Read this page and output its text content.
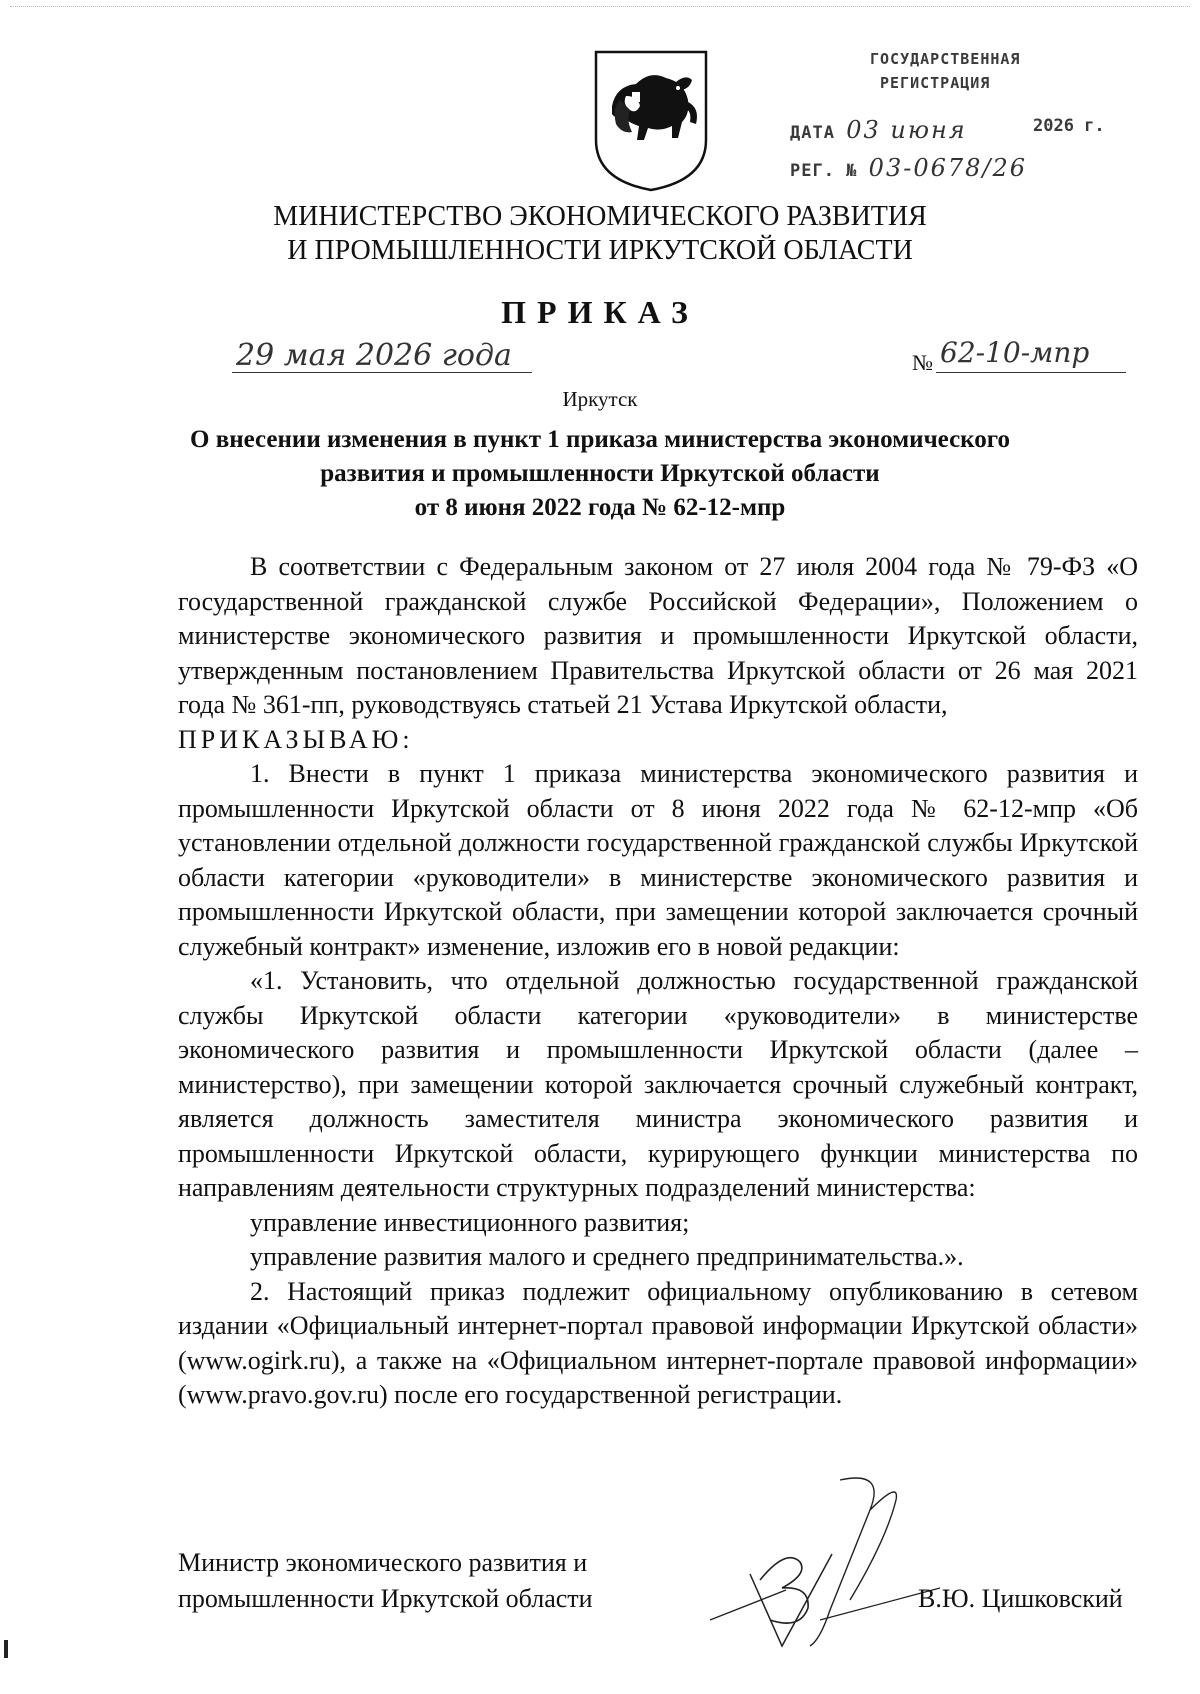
ГОСУДАРСТВЕННАЯ
РЕГИСТРАЦИЯ
ДАТА 03 июня	2026 г.
РЕГ. № 03-0678/26
МИНИСТЕРСТВО ЭКОНОМИЧЕСКОГО РАЗВИТИЯ
И ПРОМЫШЛЕННОСТИ ИРКУТСКОЙ ОБЛАСТИ
ПРИКАЗ
29 мая 2026 года	№ 62-10-мпр
Иркутск
О внесении изменения в пункт 1 приказа министерства экономического
развития и промышленности Иркутской области
от 8 июня 2022 года № 62-12-мпр

В соответствии с Федеральным законом от 27 июля 2004 года № 79-ФЗ «О государственной гражданской службе Российской Федерации», Положением о министерстве экономического развития и промышленности Иркутской области, утвержденным постановлением Правительства Иркутской области от 26 мая 2021 года № 361-пп, руководствуясь статьей 21 Устава Иркутской области,

ПРИКАЗЫВАЮ:

1. Внести в пункт 1 приказа министерства экономического развития и промышленности Иркутской области от 8 июня 2022 года № 62-12-мпр «Об установлении отдельной должности государственной гражданской службы Иркутской области категории «руководители» в министерстве экономического развития и промышленности Иркутской области, при замещении которой заключается срочный служебный контракт» изменение, изложив его в новой редакции:

«1. Установить, что отдельной должностью государственной гражданской службы Иркутской области категории «руководители» в министерстве экономического развития и промышленности Иркутской области (далее – министерство), при замещении которой заключается срочный служебный контракт, является должность заместителя министра экономического развития и промышленности Иркутской области, курирующего функции министерства по направлениям деятельности структурных подразделений министерства:

управление инвестиционного развития;

управление развития малого и среднего предпринимательства.».

2. Настоящий приказ подлежит официальному опубликованию в сетевом издании «Официальный интернет-портал правовой информации Иркутской области» (www.ogirk.ru), а также на «Официальном интернет-портале правовой информации» (www.pravo.gov.ru) после его государственной регистрации.

Министр экономического развития и
промышленности Иркутской области	В.Ю. Цишковский
